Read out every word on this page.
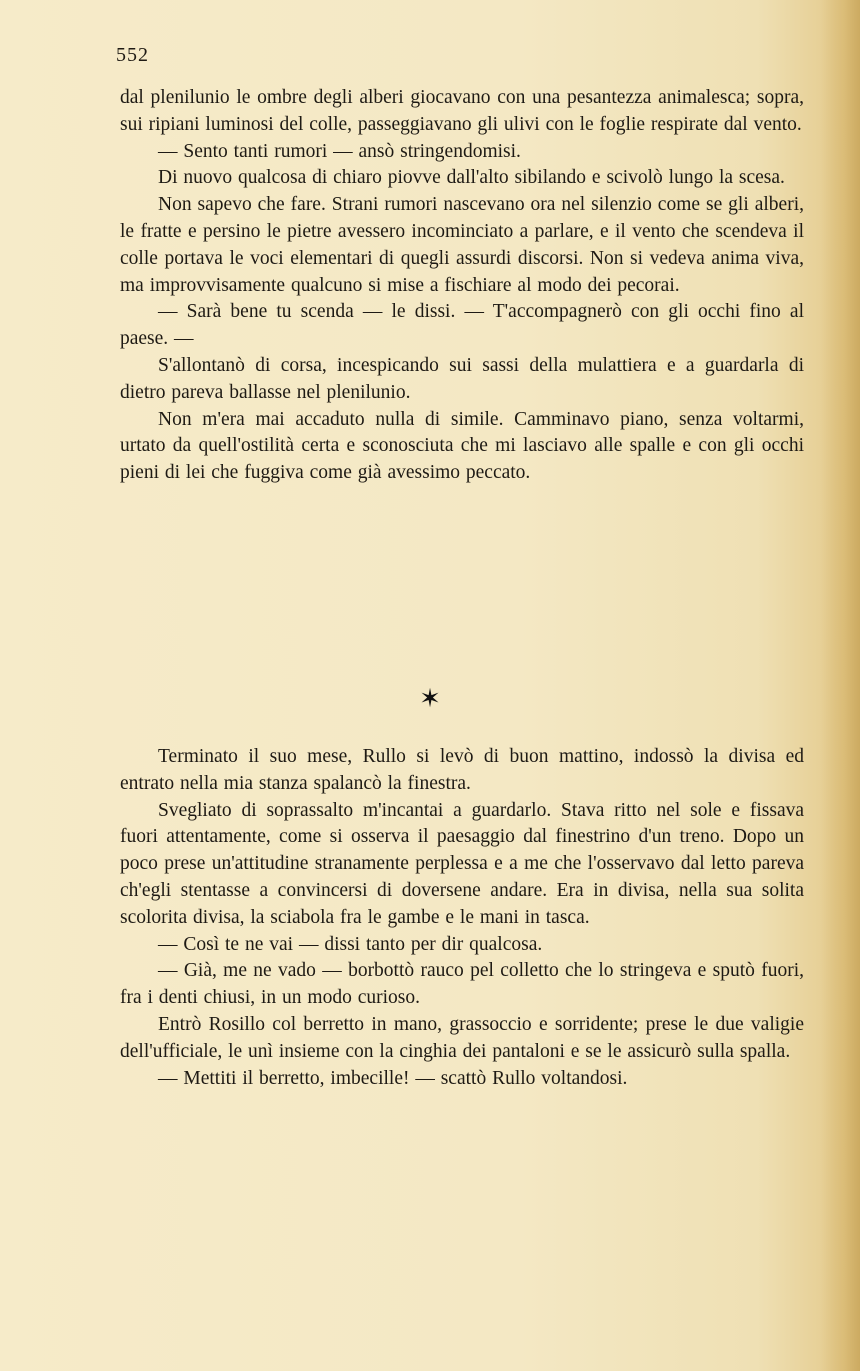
552

dal plenilunio le ombre degli alberi giocavano con una pesantezza animalesca; sopra, sui ripiani luminosi del colle, passeggiavano gli ulivi con le foglie respirate dal vento.

— Sento tanti rumori — ansò stringendomisi.

Di nuovo qualcosa di chiaro piovve dall'alto sibilando e scivolò lungo la scesa.

Non sapevo che fare. Strani rumori nascevano ora nel silenzio come se gli alberi, le fratte e persino le pietre avessero incominciato a parlare, e il vento che scendeva il colle portava le voci elementari di quegli assurdi discorsi. Non si vedeva anima viva, ma improvvisamente qualcuno si mise a fischiare al modo dei pecorai.

— Sarà bene tu scenda — le dissi. — T'accompagnerò con gli occhi fino al paese. —

S'allontanò di corsa, incespicando sui sassi della mulattiera e a guardarla di dietro pareva ballasse nel plenilunio.

Non m'era mai accaduto nulla di simile. Camminavo piano, senza voltarmi, urtato da quell'ostilità certa e sconosciuta che mi lasciavo alle spalle e con gli occhi pieni di lei che fuggiva come già avessimo peccato.

✶

Terminato il suo mese, Rullo si levò di buon mattino, indossò la divisa ed entrato nella mia stanza spalancò la finestra.

Svegliato di soprassalto m'incantai a guardarlo. Stava ritto nel sole e fissava fuori attentamente, come si osserva il paesaggio dal finestrino d'un treno. Dopo un poco prese un'attitudine stranamente perplessa e a me che l'osservavo dal letto pareva ch'egli stentasse a convincersi di doversene andare. Era in divisa, nella sua solita scolorita divisa, la sciabola fra le gambe e le mani in tasca.

— Così te ne vai — dissi tanto per dir qualcosa.

— Già, me ne vado — borbottò rauco pel colletto che lo stringeva e sputò fuori, fra i denti chiusi, in un modo curioso.

Entrò Rosillo col berretto in mano, grassoccio e sorridente; prese le due valigie dell'ufficiale, le unì insieme con la cinghia dei pantaloni e se le assicurò sulla spalla.

— Mettiti il berretto, imbecille! — scattò Rullo voltandosi.
